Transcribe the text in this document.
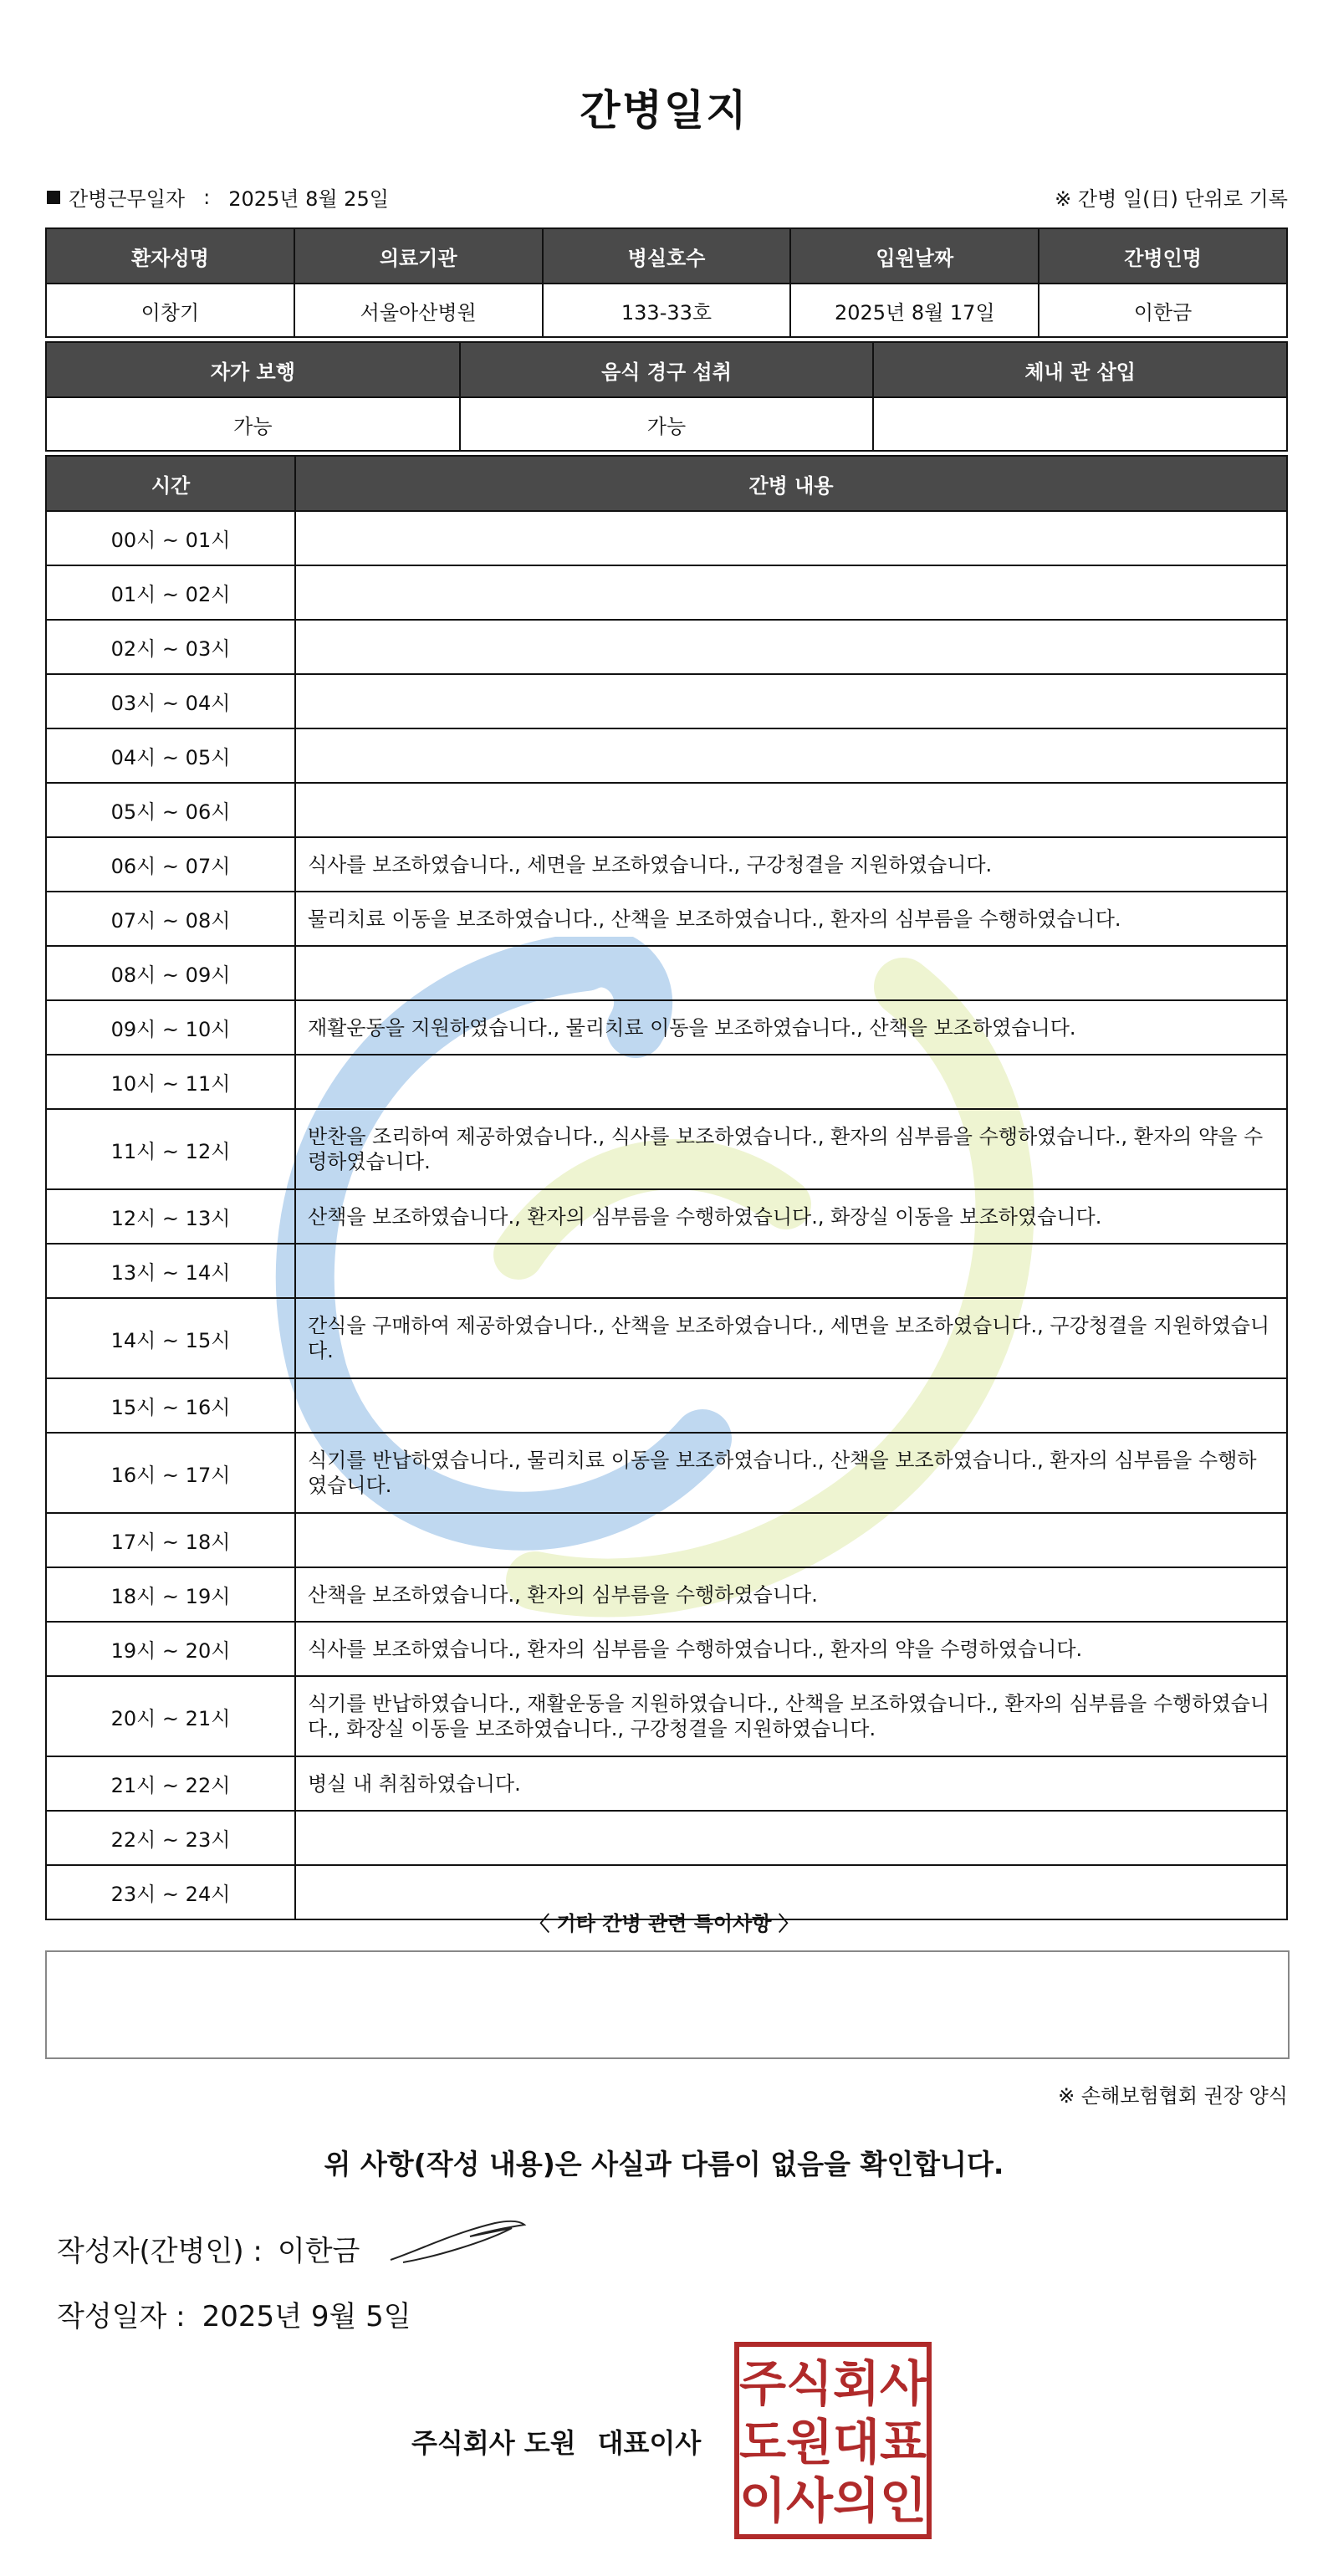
간병일지
간병근무일자 : 2025년 8월 25일	※ 간병 일(日) 단위로 기록
환자성명	의료기관	병실호수	입원날짜	간병인명
이창기	서울아산병원	133-33호	2025년 8월 17일	이한금
자가 보행	음식 경구 섭취	체내 관 삽입
가능	가능	
시간	간병 내용
00시 ~ 01시	
01시 ~ 02시	
02시 ~ 03시	
03시 ~ 04시	
04시 ~ 05시	
05시 ~ 06시	
06시 ~ 07시	식사를 보조하였습니다., 세면을 보조하였습니다., 구강청결을 지원하였습니다.
07시 ~ 08시	물리치료 이동을 보조하였습니다., 산책을 보조하였습니다., 환자의 심부름을 수행하였습니다.
08시 ~ 09시	
09시 ~ 10시	재활운동을 지원하였습니다., 물리치료 이동을 보조하였습니다., 산책을 보조하였습니다.
10시 ~ 11시	
11시 ~ 12시	반찬을 조리하여 제공하였습니다., 식사를 보조하였습니다., 환자의 심부름을 수행하였습니다., 환자의 약을 수령하였습니다.
12시 ~ 13시	산책을 보조하였습니다., 환자의 심부름을 수행하였습니다., 화장실 이동을 보조하였습니다.
13시 ~ 14시	
14시 ~ 15시	간식을 구매하여 제공하였습니다., 산책을 보조하였습니다., 세면을 보조하였습니다., 구강청결을 지원하였습니다.
15시 ~ 16시	
16시 ~ 17시	식기를 반납하였습니다., 물리치료 이동을 보조하였습니다., 산책을 보조하였습니다., 환자의 심부름을 수행하였습니다.
17시 ~ 18시	
18시 ~ 19시	산책을 보조하였습니다., 환자의 심부름을 수행하였습니다.
19시 ~ 20시	식사를 보조하였습니다., 환자의 심부름을 수행하였습니다., 환자의 약을 수령하였습니다.
20시 ~ 21시	식기를 반납하였습니다., 재활운동을 지원하였습니다., 산책을 보조하였습니다., 환자의 심부름을 수행하였습니다., 화장실 이동을 보조하였습니다., 구강청결을 지원하였습니다.
21시 ~ 22시	병실 내 취침하였습니다.
22시 ~ 23시	
23시 ~ 24시	
〈 기타 간병 관련 특이사항 〉
※ 손해보험협회 권장 양식
위 사항(작성 내용)은 사실과 다름이 없음을 확인합니다.
작성자(간병인) : 이한금
작성일자 : 2025년 9월 5일
주식회사 도원 대표이사
주식회사
도원대표
이사의인
